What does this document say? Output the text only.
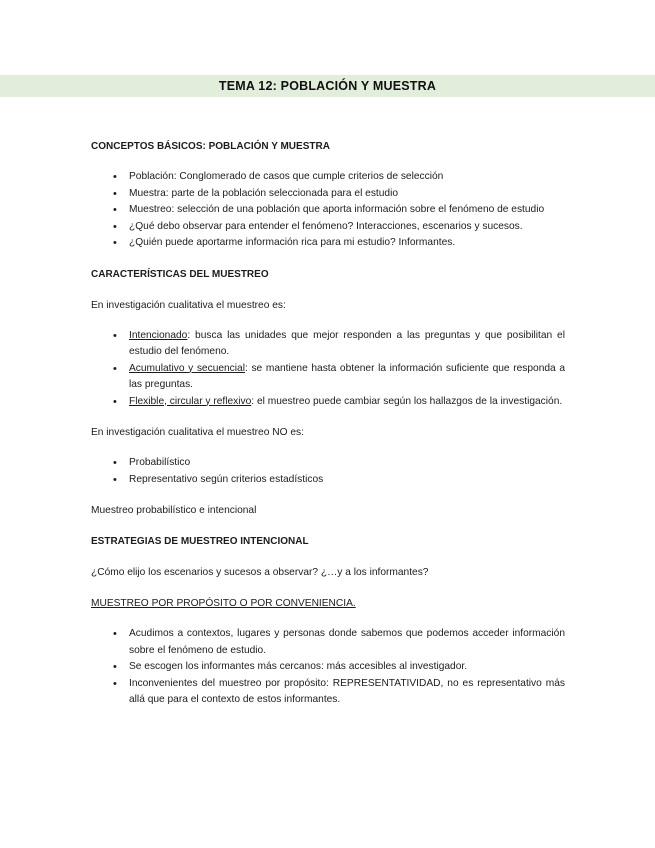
TEMA 12: POBLACIÓN Y MUESTRA

CONCEPTOS BÁSICOS: POBLACIÓN Y MUESTRA

• Población: Conglomerado de casos que cumple criterios de selección
• Muestra: parte de la población seleccionada para el estudio
• Muestreo: selección de una población que aporta información sobre el fenómeno de estudio
• ¿Qué debo observar para entender el fenómeno? Interacciones, escenarios y sucesos.
• ¿Quién puede aportarme información rica para mi estudio? Informantes.

CARACTERÍSTICAS DEL MUESTREO

En investigación cualitativa el muestreo es:

• Intencionado: busca las unidades que mejor responden a las preguntas y que posibilitan el estudio del fenómeno.
• Acumulativo y secuencial: se mantiene hasta obtener la información suficiente que responda a las preguntas.
• Flexible, circular y reflexivo: el muestreo puede cambiar según los hallazgos de la investigación.

En investigación cualitativa el muestreo NO es:

• Probabilístico
• Representativo según criterios estadísticos

Muestreo probabilístico e intencional

ESTRATEGIAS DE MUESTREO INTENCIONAL

¿Cómo elijo los escenarios y sucesos a observar? ¿…y a los informantes?

MUESTREO POR PROPÓSITO O POR CONVENIENCIA.

• Acudimos a contextos, lugares y personas donde sabemos que podemos acceder información sobre el fenómeno de estudio.
• Se escogen los informantes más cercanos: más accesibles al investigador.
• Inconvenientes del muestreo por propósito: REPRESENTATIVIDAD, no es representativo más allá que para el contexto de estos informantes.
